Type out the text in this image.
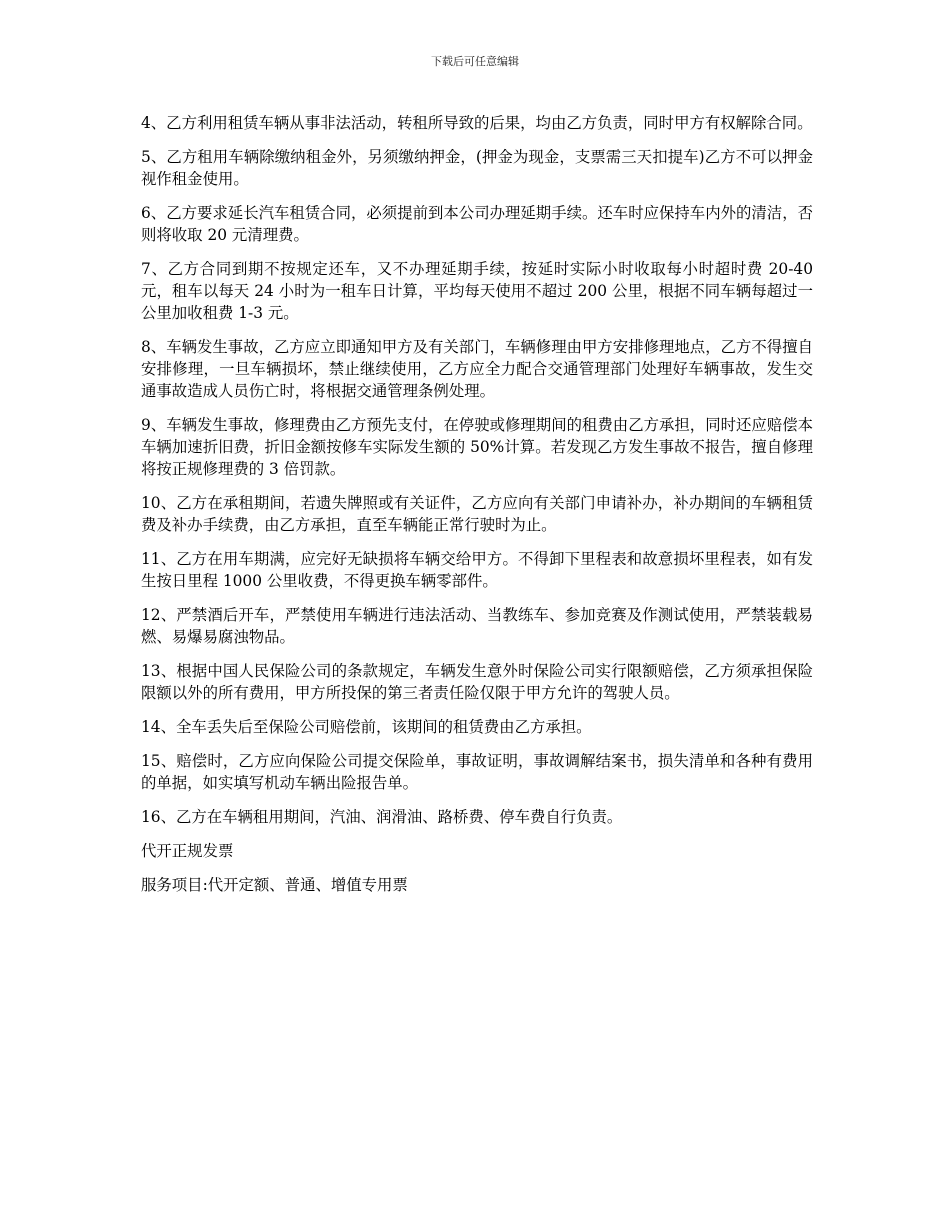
下载后可任意编辑

4、乙方利用租赁车辆从事非法活动，转租所导致的后果，均由乙方负责，同时甲方有权解除合同。

5、乙方租用车辆除缴纳租金外，另须缴纳押金，(押金为现金，支票需三天扣提车)乙方不可以押金视作租金使用。

6、乙方要求延长汽车租赁合同，必须提前到本公司办理延期手续。还车时应保持车内外的清洁，否则将收取 20 元清理费。

7、乙方合同到期不按规定还车，又不办理延期手续，按延时实际小时收取每小时超时费 20-40 元，租车以每天 24 小时为一租车日计算，平均每天使用不超过 200 公里，根据不同车辆每超过一公里加收租费 1-3 元。

8、车辆发生事故，乙方应立即通知甲方及有关部门，车辆修理由甲方安排修理地点，乙方不得擅自安排修理，一旦车辆损坏，禁止继续使用，乙方应全力配合交通管理部门处理好车辆事故，发生交通事故造成人员伤亡时，将根据交通管理条例处理。

9、车辆发生事故，修理费由乙方预先支付，在停驶或修理期间的租费由乙方承担，同时还应赔偿本车辆加速折旧费，折旧金额按修车实际发生额的 50%计算。若发现乙方发生事故不报告，擅自修理将按正规修理费的 3 倍罚款。

10、乙方在承租期间，若遗失牌照或有关证件，乙方应向有关部门申请补办，补办期间的车辆租赁费及补办手续费，由乙方承担，直至车辆能正常行驶时为止。

11、乙方在用车期满，应完好无缺损将车辆交给甲方。不得卸下里程表和故意损坏里程表，如有发生按日里程 1000 公里收费，不得更换车辆零部件。

12、严禁酒后开车，严禁使用车辆进行违法活动、当教练车、参加竞赛及作测试使用，严禁装载易燃、易爆易腐浊物品。

13、根据中国人民保险公司的条款规定，车辆发生意外时保险公司实行限额赔偿，乙方须承担保险限额以外的所有费用，甲方所投保的第三者责任险仅限于甲方允许的驾驶人员。

14、全车丢失后至保险公司赔偿前，该期间的租赁费由乙方承担。

15、赔偿时，乙方应向保险公司提交保险单，事故证明，事故调解结案书，损失清单和各种有费用的单据，如实填写机动车辆出险报告单。

16、乙方在车辆租用期间，汽油、润滑油、路桥费、停车费自行负责。

代开正规发票

服务项目:代开定额、普通、增值专用票
